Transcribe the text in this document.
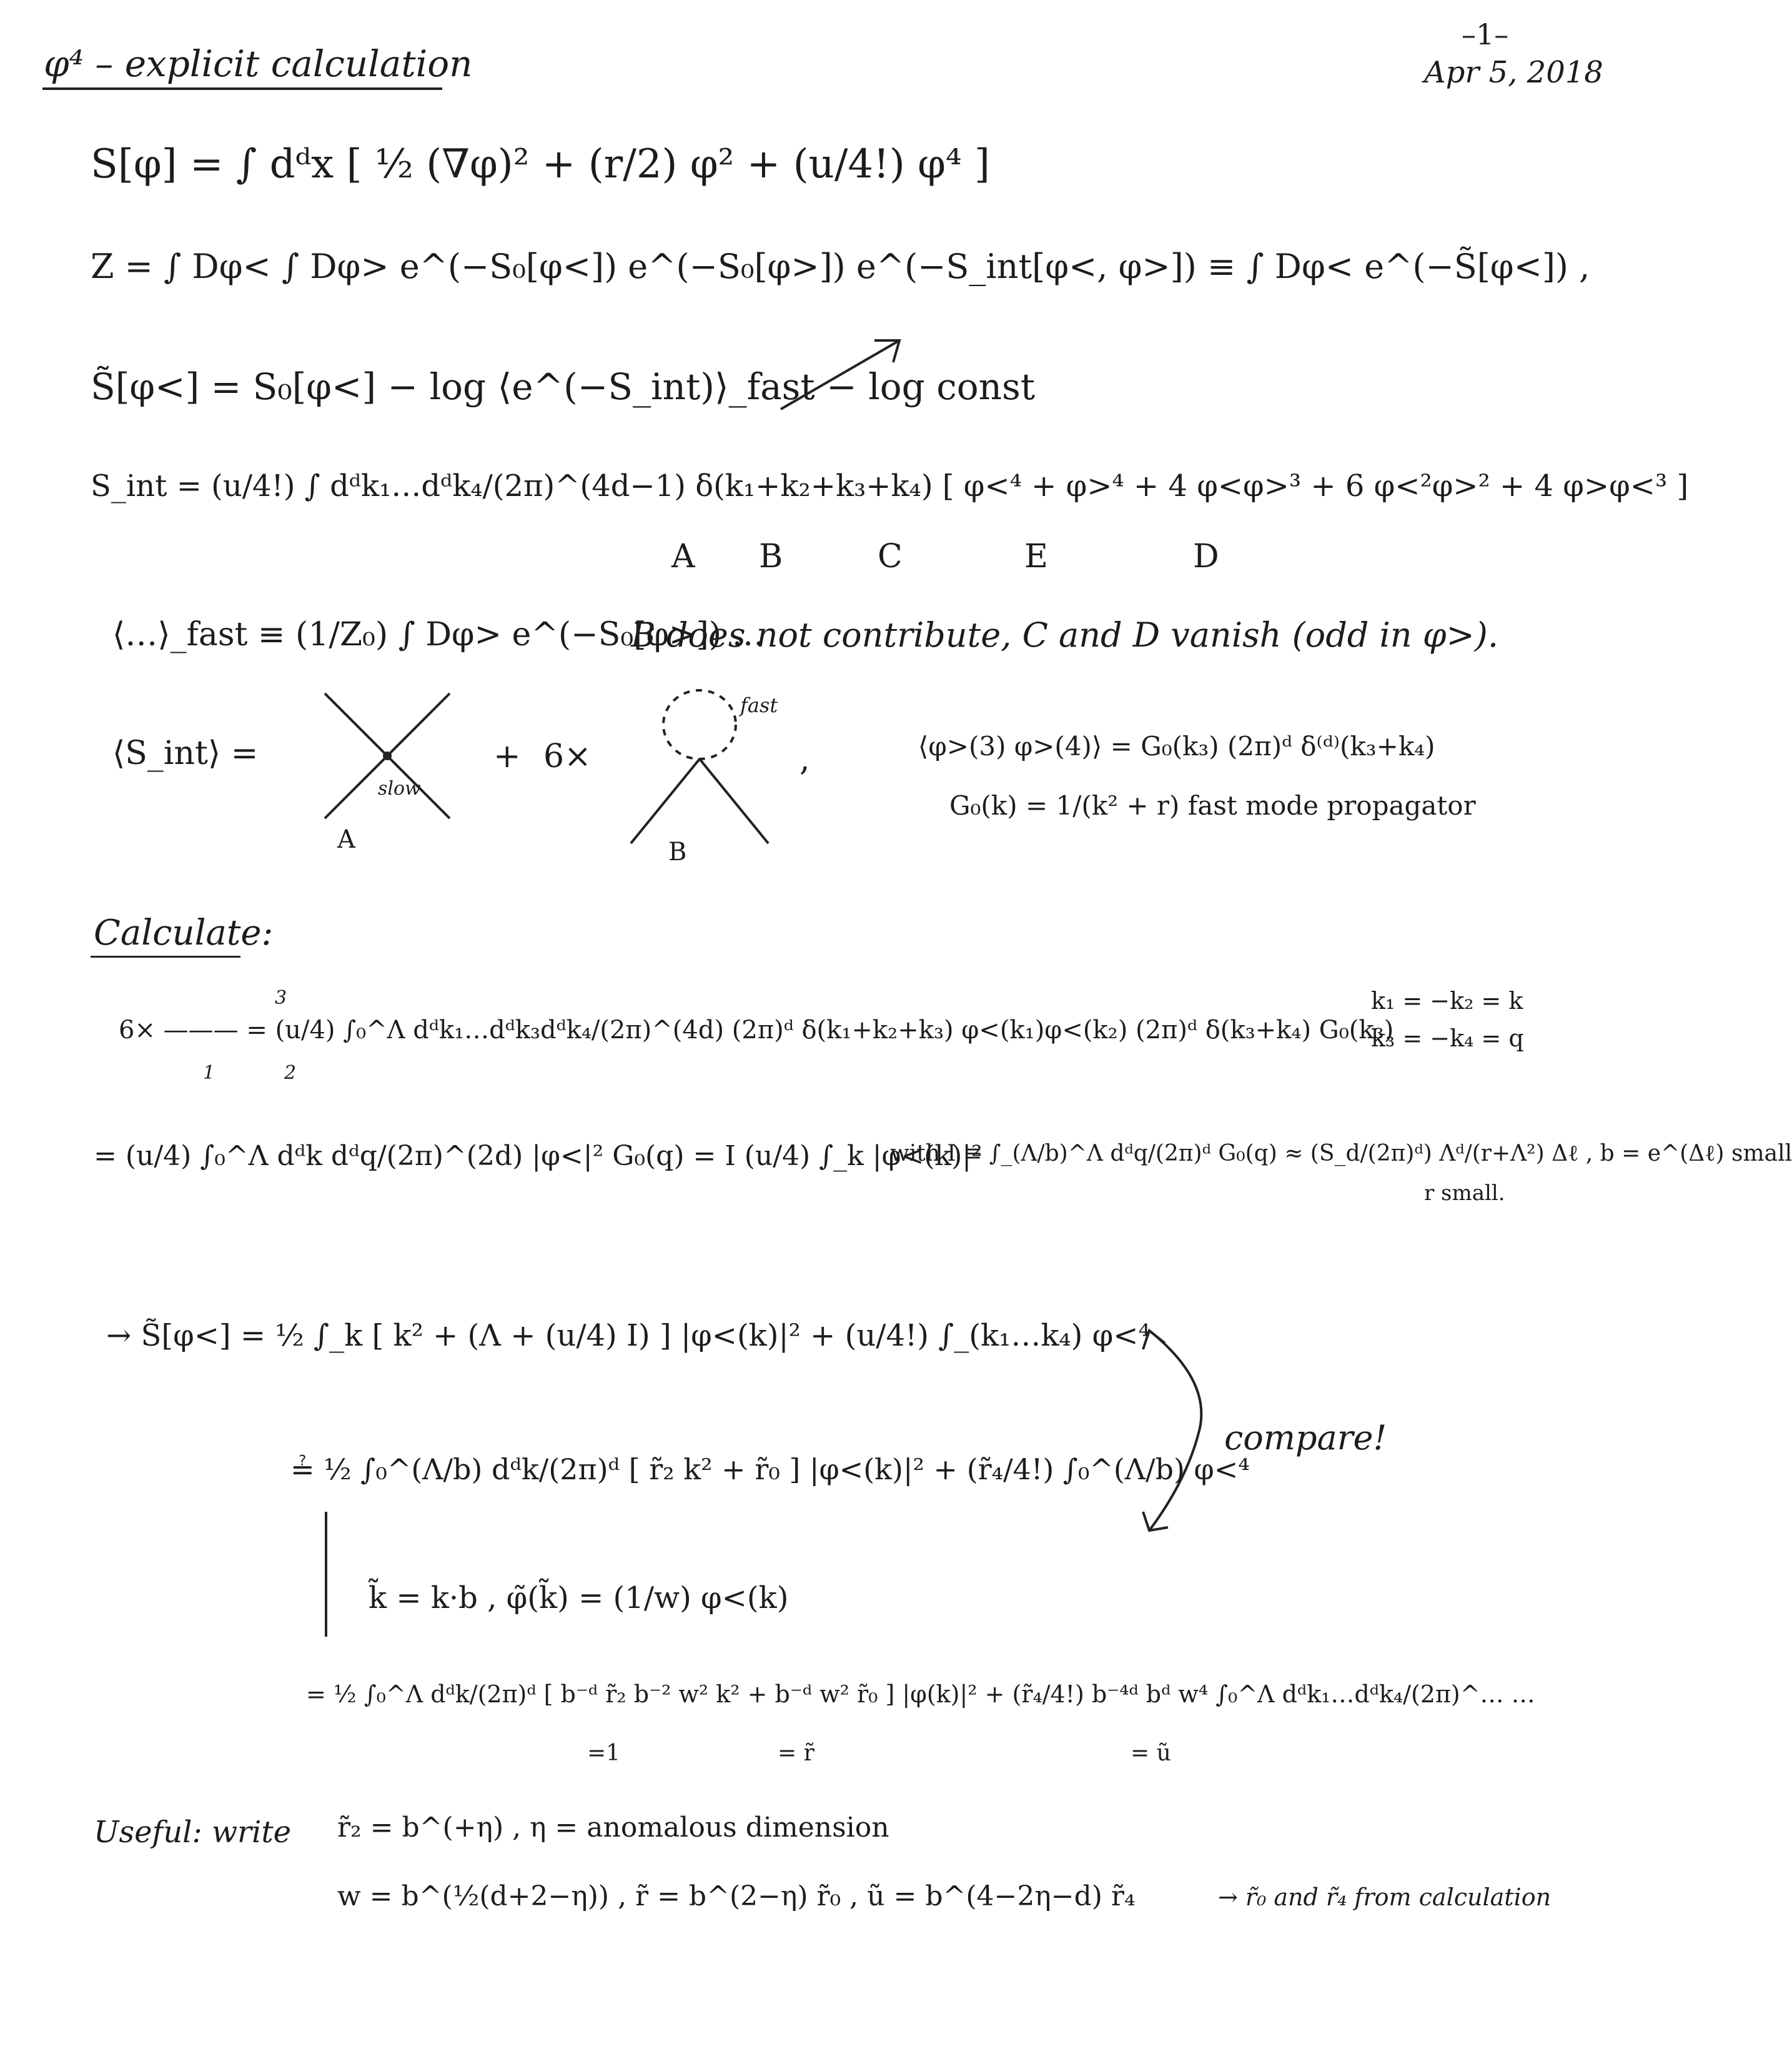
φ⁴ – explicit calculation
–1–
Apr 5, 2018
S[φ] = ∫ dᵈx [ ½ (∇φ)² + (r/2) φ² + (u/4!) φ⁴ ]
Z = ∫ Dφ< ∫ Dφ> e^(−S₀[φ<]) e^(−S₀[φ>]) e^(−S_int[φ<, φ>]) ≡ ∫ Dφ< e^(−S̃[φ<]) ,
S̃[φ<] = S₀[φ<] − log ⟨e^(−S_int)⟩_fast − log const
S_int = (u/4!) ∫ dᵈk₁…dᵈk₄/(2π)^(4d−1) δ(k₁+k₂+k₃+k₄) [ φ<⁴ + φ>⁴ + 4 φ<φ>³ + 6 φ<²φ>² + 4 φ>φ<³ ]
A B	C	E	D
⟨…⟩_fast ≡ (1/Z₀) ∫ Dφ> e^(−S₀[φ>]) …
B does not contribute, C and D vanish (odd in φ>).
⟨S_int⟩ =
slow
A
+ 6×
fast
B
,	⟨φ>(3) φ>(4)⟩ = G₀(k₃) (2π)ᵈ δ⁽ᵈ⁾(k₃+k₄)
G₀(k) = 1/(k² + r) fast mode propagator
Calculate:
6× ——— = (u/4) ∫₀^Λ dᵈk₁…dᵈk₃dᵈk₄/(2π)^(4d) (2π)ᵈ δ(k₁+k₂+k₃) φ<(k₁)φ<(k₂) (2π)ᵈ δ(k₃+k₄) G₀(k₃)
3
1	2
k₁ = −k₂ = k
k₃ = −k₄ = q
= (u/4) ∫₀^Λ dᵈk dᵈq/(2π)^(2d) |φ<|² G₀(q) = I (u/4) ∫_k |φ<(k)|²
with I ≡ ∫_(Λ/b)^Λ dᵈq/(2π)ᵈ G₀(q) ≈ (S_d/(2π)ᵈ) Λᵈ/(r+Λ²) Δℓ , b = e^(Δℓ) small
r small.
→ S̃[φ<] = ½ ∫_k [ k² + (Λ + (u/4) I) ] |φ<(k)|² + (u/4!) ∫_(k₁…k₄) φ<⁴
≟ ½ ∫₀^(Λ/b) dᵈk/(2π)ᵈ [ r̃₂ k² + r̃₀ ] |φ<(k)|² + (r̃₄/4!) ∫₀^(Λ/b) φ<⁴
compare!
k̃ = k·b , φ̃(k̃) = (1/w) φ<(k)
= ½ ∫₀^Λ dᵈk/(2π)ᵈ [ b⁻ᵈ r̃₂ b⁻² w² k² + b⁻ᵈ w² r̃₀ ] |φ(k)|² + (r̃₄/4!) b⁻⁴ᵈ bᵈ w⁴ ∫₀^Λ dᵈk₁…dᵈk₄/(2π)^… …
=1	= r̃	= ũ
Useful: write r̃₂ = b^(+η) , η = anomalous dimension
w = b^(½(d+2−η)) , r̃ = b^(2−η) r̃₀ , ũ = b^(4−2η−d) r̃₄	→ r̃₀ and r̃₄ from calculation
